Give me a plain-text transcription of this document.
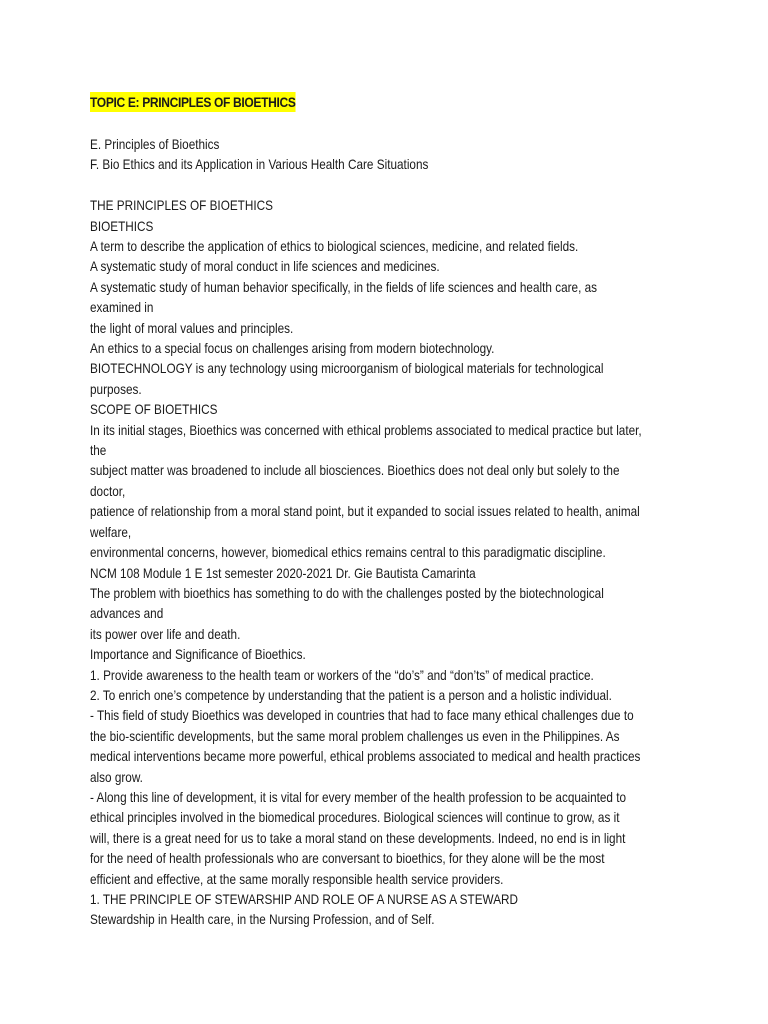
TOPIC E: PRINCIPLES OF BIOETHICS
E. Principles of Bioethics
F. Bio Ethics and its Application in Various Health Care Situations
THE PRINCIPLES OF BIOETHICS
BIOETHICS
A term to describe the application of ethics to biological sciences, medicine, and related fields.
A systematic study of moral conduct in life sciences and medicines.
A systematic study of human behavior specifically, in the fields of life sciences and health care, as
examined in
the light of moral values and principles.
An ethics to a special focus on challenges arising from modern biotechnology.
BIOTECHNOLOGY is any technology using microorganism of biological materials for technological
purposes.
SCOPE OF BIOETHICS
In its initial stages, Bioethics was concerned with ethical problems associated to medical practice but later,
the
subject matter was broadened to include all biosciences. Bioethics does not deal only but solely to the
doctor,
patience of relationship from a moral stand point, but it expanded to social issues related to health, animal
welfare,
environmental concerns, however, biomedical ethics remains central to this paradigmatic discipline.
NCM 108 Module 1 E 1st semester 2020-2021 Dr. Gie Bautista Camarinta
The problem with bioethics has something to do with the challenges posted by the biotechnological
advances and
its power over life and death.
Importance and Significance of Bioethics.
1. Provide awareness to the health team or workers of the “do’s” and “don’ts” of medical practice.
2. To enrich one’s competence by understanding that the patient is a person and a holistic individual.
- This field of study Bioethics was developed in countries that had to face many ethical challenges due to
the bio-scientific developments, but the same moral problem challenges us even in the Philippines. As
medical interventions became more powerful, ethical problems associated to medical and health practices
also grow.
- Along this line of development, it is vital for every member of the health profession to be acquainted to
ethical principles involved in the biomedical procedures. Biological sciences will continue to grow, as it
will, there is a great need for us to take a moral stand on these developments. Indeed, no end is in light
for the need of health professionals who are conversant to bioethics, for they alone will be the most
efficient and effective, at the same morally responsible health service providers.
1. THE PRINCIPLE OF STEWARSHIP AND ROLE OF A NURSE AS A STEWARD
Stewardship in Health care, in the Nursing Profession, and of Self.
